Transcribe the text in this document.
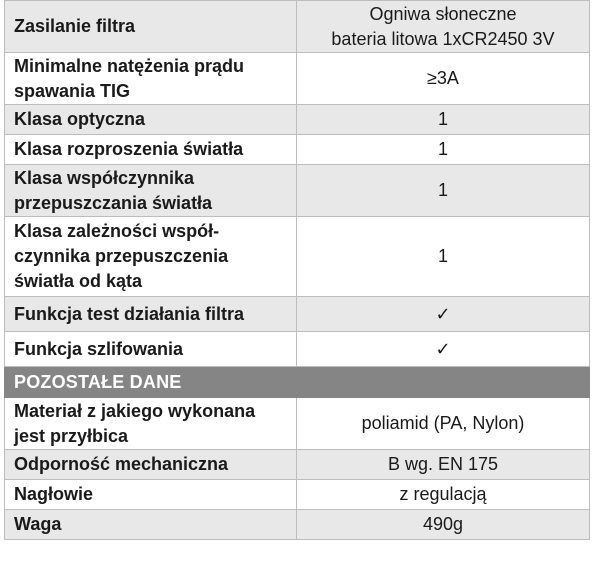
Zasilanie filtra	Ogniwa słoneczne
bateria litowa 1xCR2450 3V

Minimalne natężenia prądu
spawania TIG	≥3A
Klasa optyczna	1
Klasa rozproszenia światła	1

Klasa współczynnika
przepuszczania światła	1

Klasa zależności współ-
czynnika przepuszczenia
światła od kąta	1
Funkcja test działania filtra	✓
Funkcja szlifowania	✓
POZOSTAŁE DANE	

Materiał z jakiego wykonana
jest przyłbica	poliamid (PA, Nylon)
Odporność mechaniczna	B wg. EN 175
Nagłowie	z regulacją
Waga	490g
